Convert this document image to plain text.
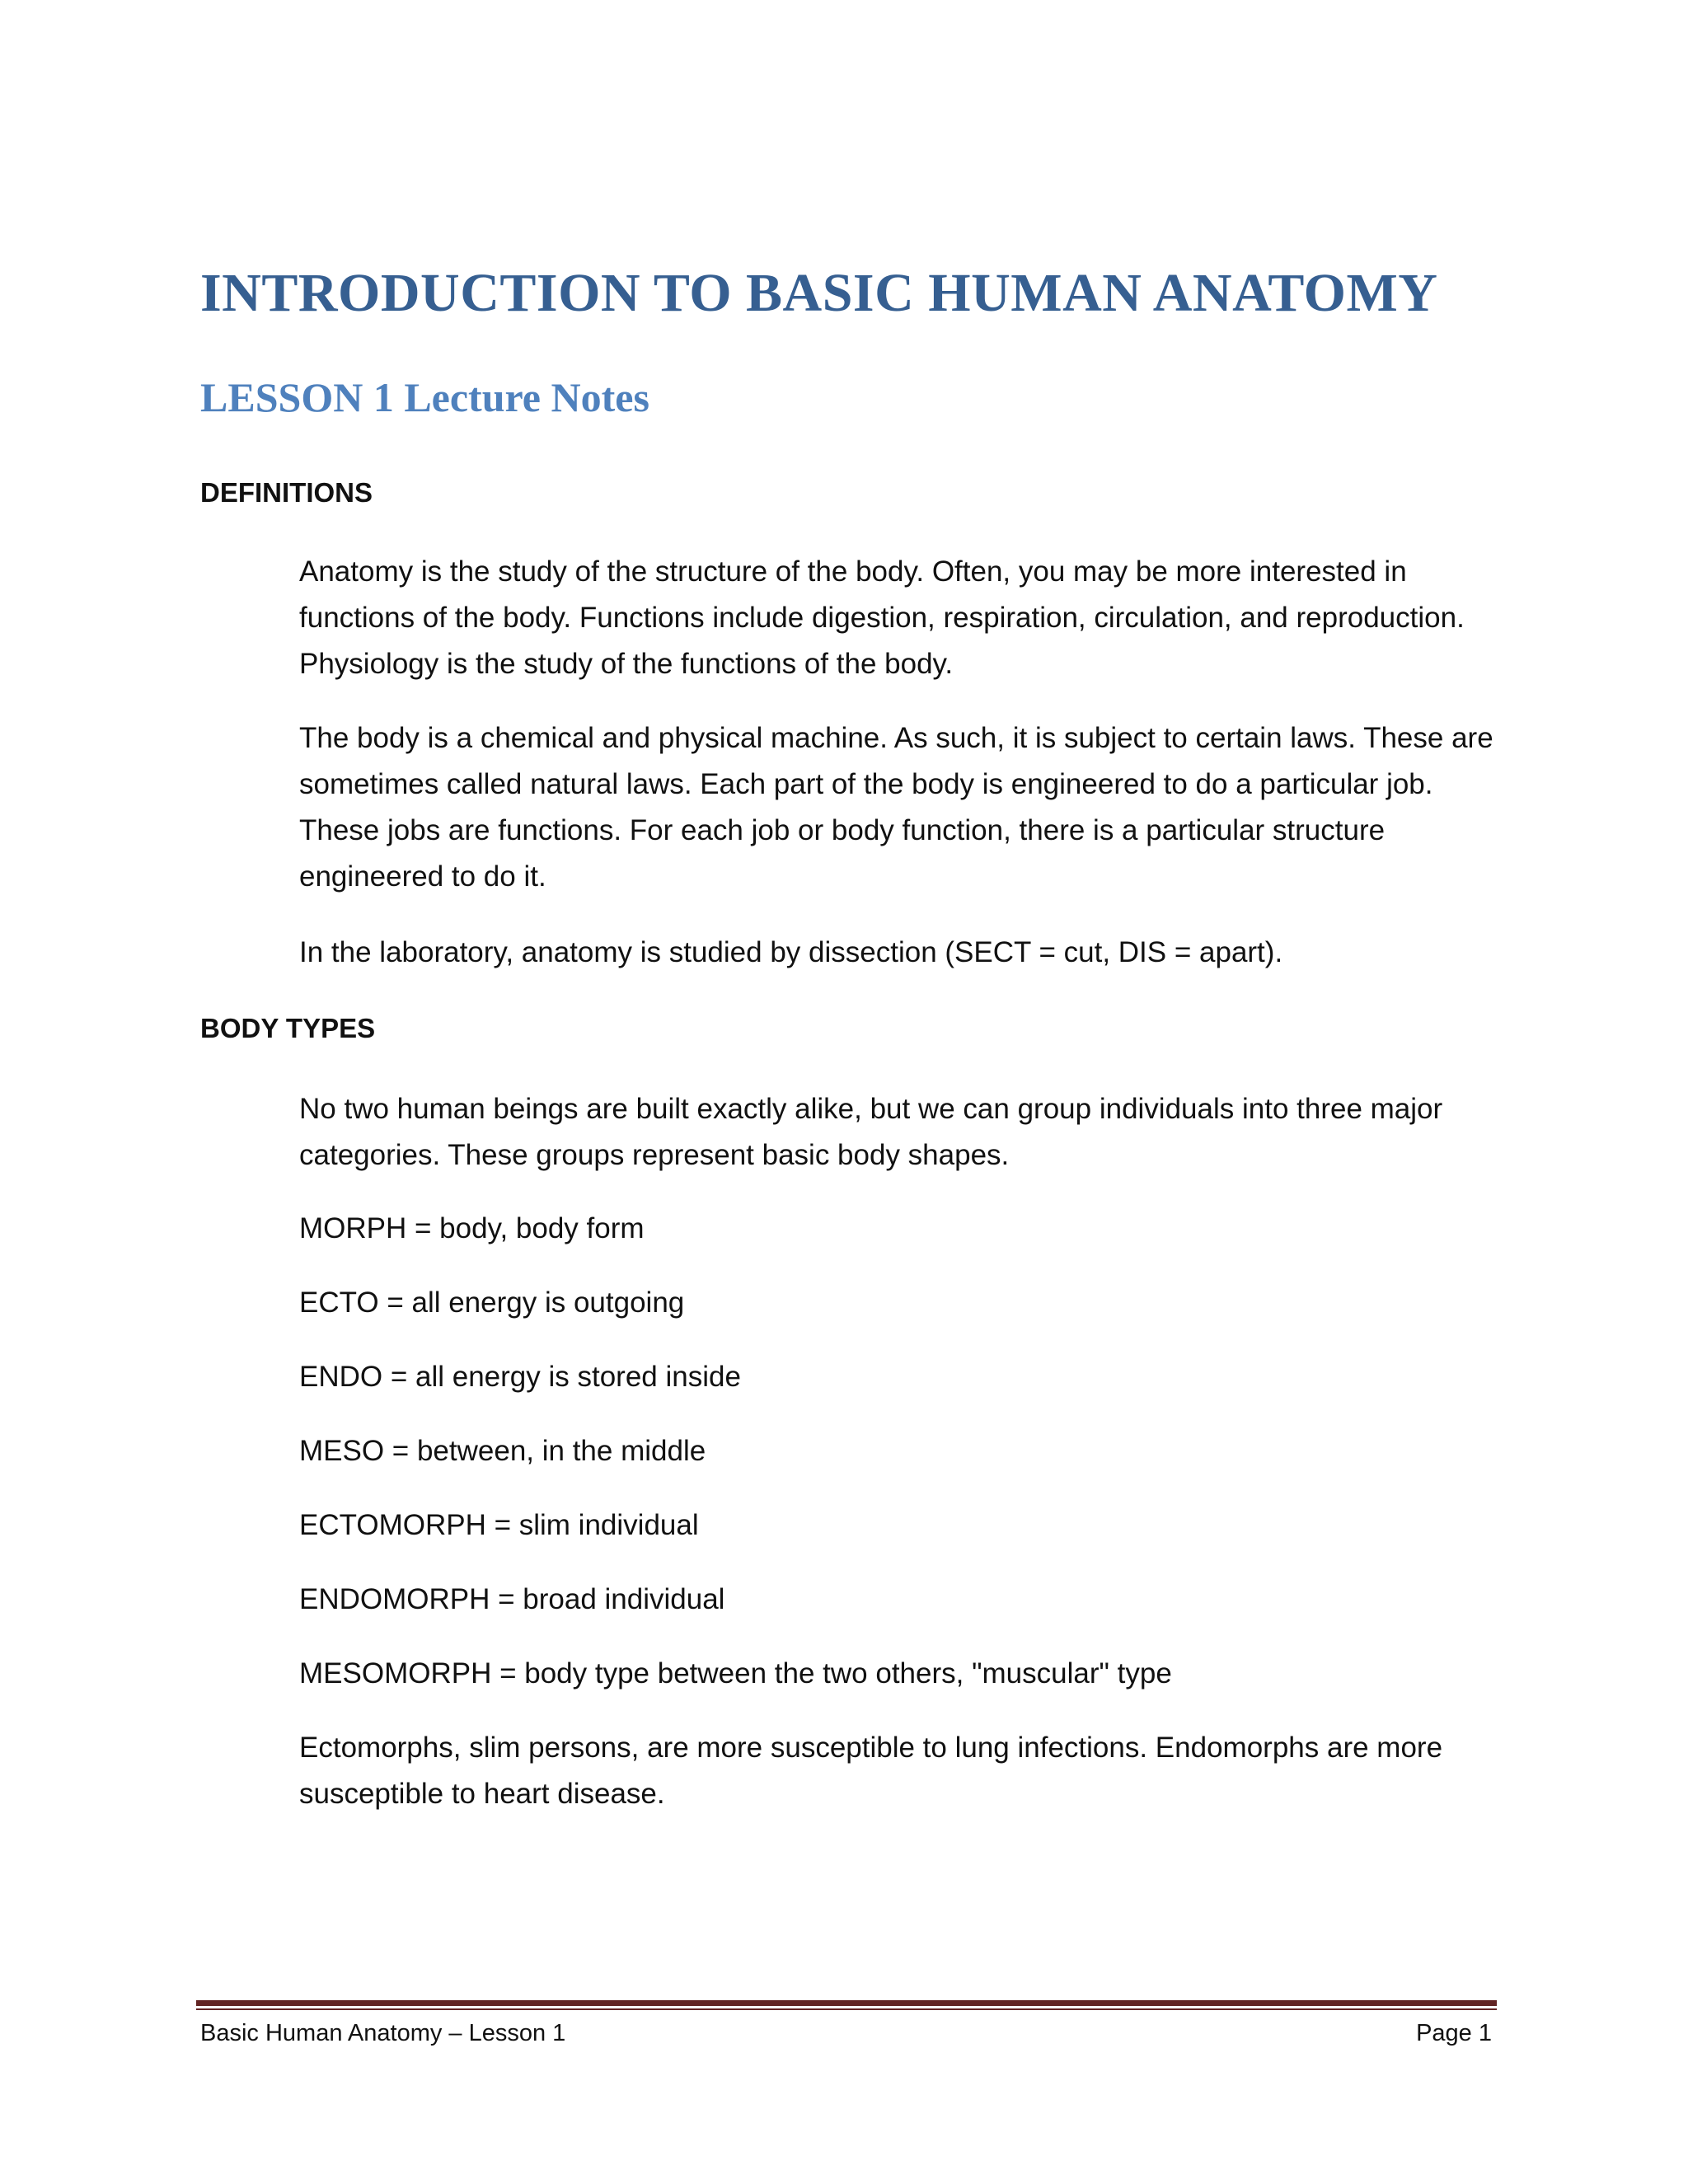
INTRODUCTION TO BASIC HUMAN ANATOMY
LESSON 1 Lecture Notes
DEFINITIONS

Anatomy is the study of the structure of the body. Often, you may be more interested in functions of the body. Functions include digestion, respiration, circulation, and reproduction. Physiology is the study of the functions of the body.

The body is a chemical and physical machine. As such, it is subject to certain laws. These are sometimes called natural laws. Each part of the body is engineered to do a particular job. These jobs are functions. For each job or body function, there is a particular structure engineered to do it.

In the laboratory, anatomy is studied by dissection (SECT = cut, DIS = apart).

BODY TYPES

No two human beings are built exactly alike, but we can group individuals into three major categories. These groups represent basic body shapes.

MORPH = body, body form

ECTO = all energy is outgoing

ENDO = all energy is stored inside

MESO = between, in the middle

ECTOMORPH = slim individual

ENDOMORPH = broad individual

MESOMORPH = body type between the two others, "muscular" type

Ectomorphs, slim persons, are more susceptible to lung infections. Endomorphs are more susceptible to heart disease.

Basic Human Anatomy – Lesson 1	Page 1
